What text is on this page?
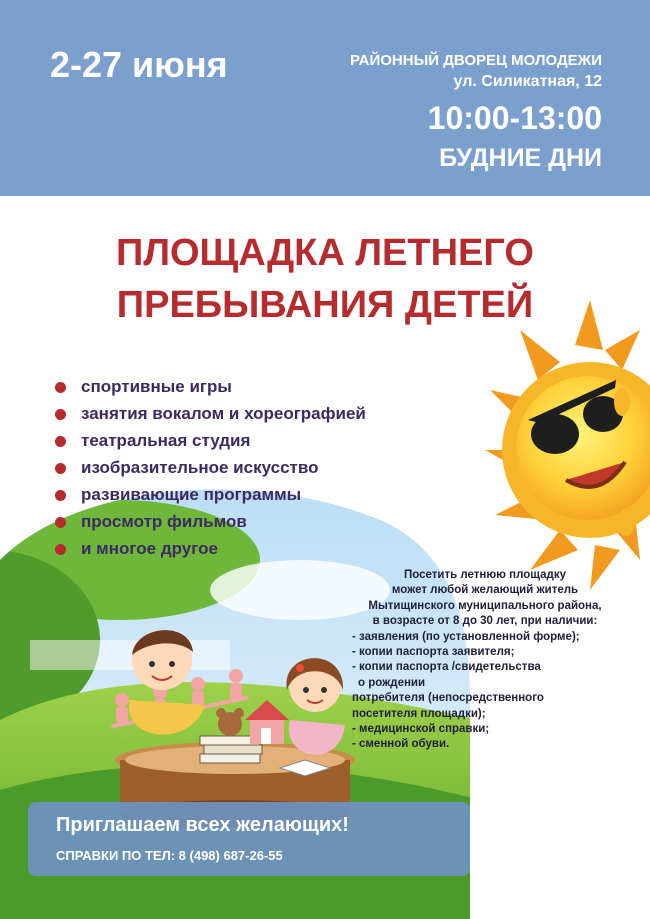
2-27 июня	РАЙОННЫЙ ДВОРЕЦ МОЛОДЕЖИ
ул. Силикатная, 12
10:00-13:00
БУДНИЕ ДНИ
ПЛОЩАДКА ЛЕТНЕГО
ПРЕБЫВАНИЯ ДЕТЕЙ
спортивные игры
занятия вокалом и хореографией
театральная студия
изобразительное искусство
развивающие программы
просмотр фильмов
и многое другое
Посетить летнюю площадку
может любой желающий житель
Мытищинского муниципального района,
в возрасте от 8 до 30 лет, при наличии:
- заявления (по установленной форме);
- копии паспорта заявителя;
- копии паспорта /свидетельства
о рождении
потребителя (непосредственного
посетителя площадки);
- медицинской справки;
- сменной обуви.
Приглашаем всех желающих!
СПРАВКИ ПО ТЕЛ: 8 (498) 687-26-55
